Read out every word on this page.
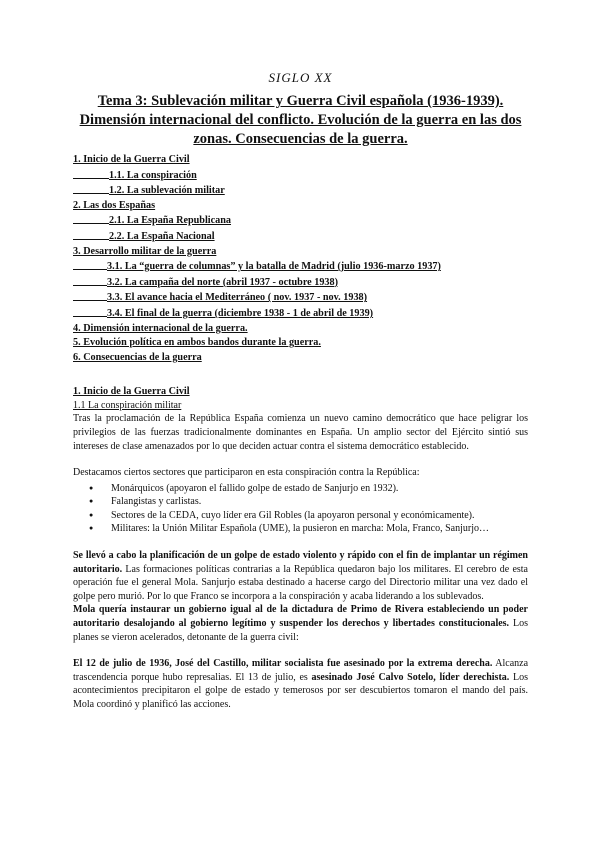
SIGLO XX
Tema 3: Sublevación militar y Guerra Civil española (1936-1939).
Dimensión internacional del conflicto. Evolución de la guerra en las dos
zonas. Consecuencias de la guerra.
1. Inicio de la Guerra Civil
1.1. La conspiración
1.2. La sublevación militar
2. Las dos Españas
2.1. La España Republicana
2.2. La España Nacional
3. Desarrollo militar de la guerra
3.1. La “guerra de columnas” y la batalla de Madrid (julio 1936-marzo 1937)
3.2. La campaña del norte (abril 1937 - octubre 1938)
3.3. El avance hacia el Mediterráneo ( nov. 1937 - nov. 1938)
3.4. El final de la guerra (diciembre 1938 - 1 de abril de 1939)
4. Dimensión internacional de la guerra.
5. Evolución política en ambos bandos durante la guerra.
6. Consecuencias de la guerra
1. Inicio de la Guerra Civil
1.1 La conspiración militar

Tras la proclamación de la República España comienza un nuevo camino democrático que hace peligrar los privilegios de las fuerzas tradicionalmente dominantes en España. Un amplio sector del Ejército sintió sus intereses de clase amenazados por lo que deciden actuar contra el sistema democrático establecido.

Destacamos ciertos sectores que participaron en esta conspiración contra la República:

● Monárquicos (apoyaron el fallido golpe de estado de Sanjurjo en 1932).
● Falangistas y carlistas.
● Sectores de la CEDA, cuyo líder era Gil Robles (la apoyaron personal y económicamente).
● Militares: la Unión Militar Española (UME), la pusieron en marcha: Mola, Franco, Sanjurjo…

Se llevó a cabo la planificación de un golpe de estado violento y rápido con el fin de implantar un régimen autoritario. Las formaciones políticas contrarias a la República quedaron bajo los militares. El cerebro de esta operación fue el general Mola. Sanjurjo estaba destinado a hacerse cargo del Directorio militar una vez dado el golpe pero murió. Por lo que Franco se incorpora a la conspiración y acaba liderando a los sublevados.

Mola quería instaurar un gobierno igual al de la dictadura de Primo de Rivera estableciendo un poder autoritario desalojando al gobierno legítimo y suspender los derechos y libertades constitucionales. Los planes se vieron acelerados, detonante de la guerra civil:

El 12 de julio de 1936, José del Castillo, militar socialista fue asesinado por la extrema derecha. Alcanza trascendencia porque hubo represalias. El 13 de julio, es asesinado José Calvo Sotelo, líder derechista. Los acontecimientos precipitaron el golpe de estado y temerosos por ser descubiertos tomaron el mando del país. Mola coordinó y planificó las acciones.
